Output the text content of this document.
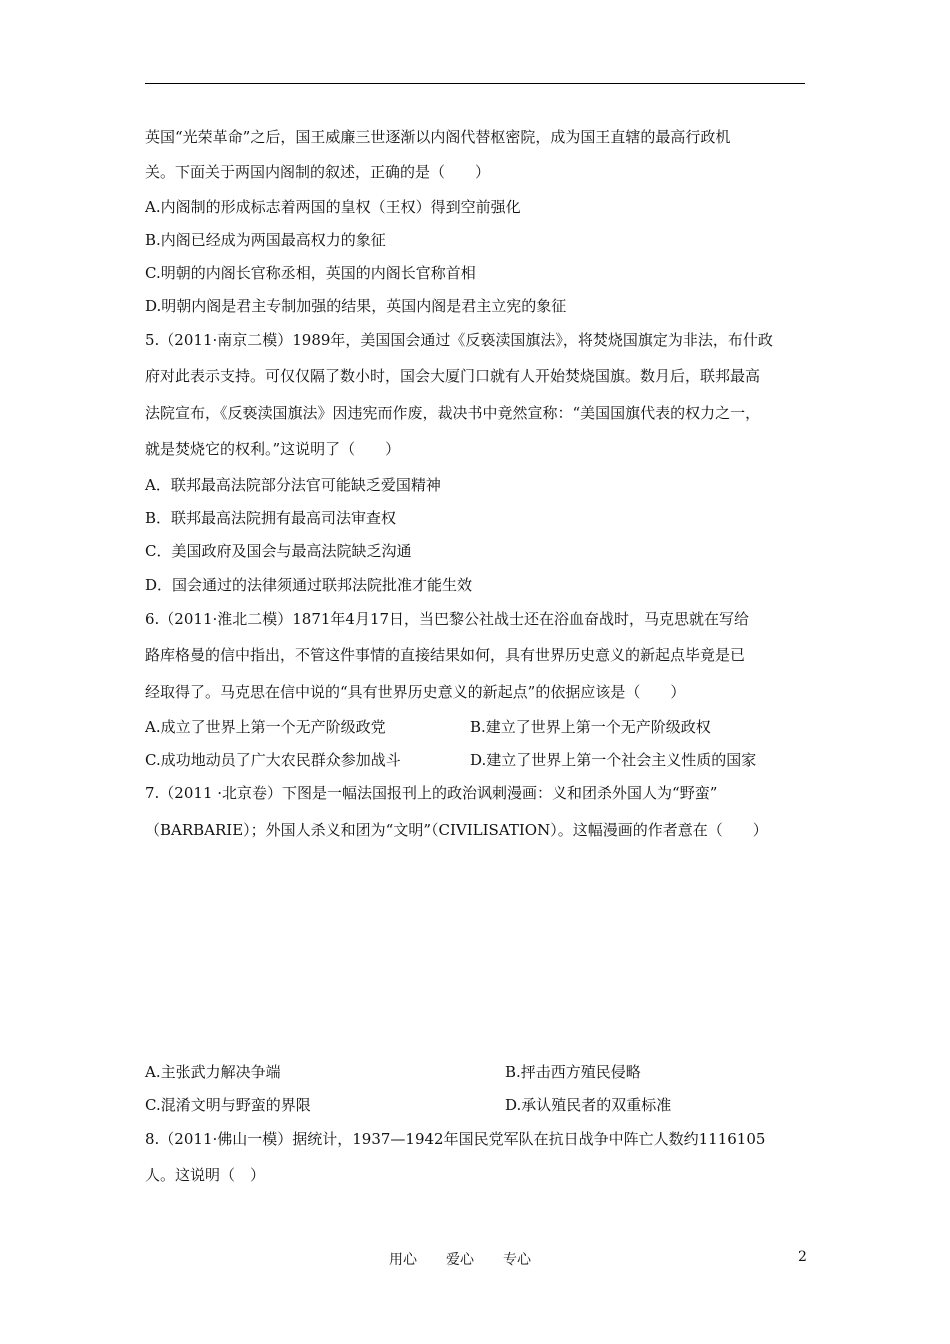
英国“光荣革命”之后，国王威廉三世逐渐以内阁代替枢密院，成为国王直辖的最高行政机
关。下面关于两国内阁制的叙述，正确的是（　　）
A.内阁制的形成标志着两国的皇权（王权）得到空前强化
B.内阁已经成为两国最高权力的象征
C.明朝的内阁长官称丞相，英国的内阁长官称首相
D.明朝内阁是君主专制加强的结果，英国内阁是君主立宪的象征
5.（2011·南京二模）1989年，美国国会通过《反亵渎国旗法》，将焚烧国旗定为非法，布什政
府对此表示支持。可仅仅隔了数小时，国会大厦门口就有人开始焚烧国旗。数月后，联邦最高
法院宣布，《反亵渎国旗法》因违宪而作废，裁决书中竟然宣称：“美国国旗代表的权力之一，
就是焚烧它的权利。”这说明了（　　）
A．联邦最高法院部分法官可能缺乏爱国精神
B．联邦最高法院拥有最高司法审查权
C．美国政府及国会与最高法院缺乏沟通
D．国会通过的法律须通过联邦法院批准才能生效
6.（2011·淮北二模）1871年4月17日，当巴黎公社战士还在浴血奋战时，马克思就在写给
路库格曼的信中指出，不管这件事情的直接结果如何，具有世界历史意义的新起点毕竟是已
经取得了。马克思在信中说的“具有世界历史意义的新起点”的依据应该是（　　）
A.成立了世界上第一个无产阶级政党	B.建立了世界上第一个无产阶级政权
C.成功地动员了广大农民群众参加战斗	D.建立了世界上第一个社会主义性质的国家
7.（2011 ·北京卷）下图是一幅法国报刊上的政治讽刺漫画：义和团杀外国人为“野蛮”
（BARBARIE）；外国人杀义和团为“文明”（CIVILISATION）。这幅漫画的作者意在（　　）
A.主张武力解决争端	B.抨击西方殖民侵略
C.混淆文明与野蛮的界限	D.承认殖民者的双重标准
8.（2011·佛山一模）据统计，1937—1942年国民党军队在抗日战争中阵亡人数约1116105
人。这说明（　）
用心 爱心 专心	2
